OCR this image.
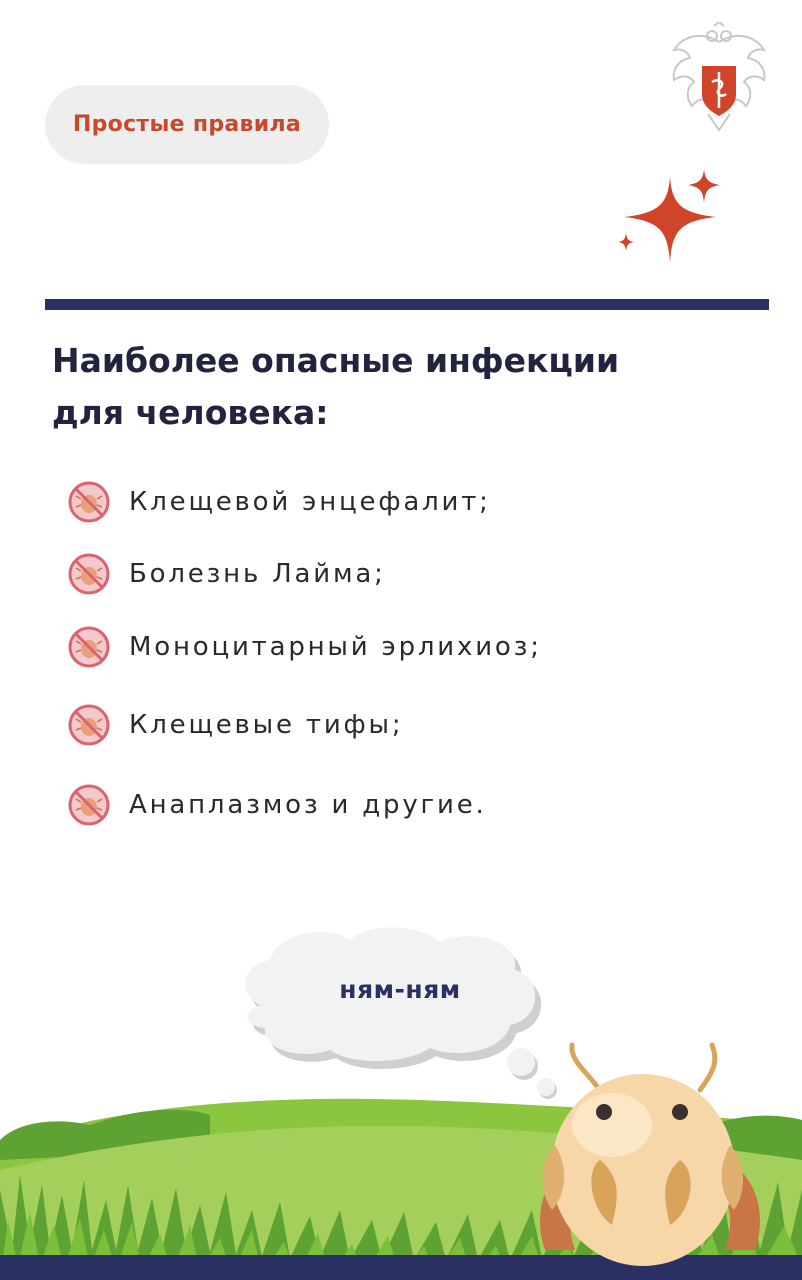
Простые правила
Наиболее опасные инфекции
для человека:
Клещевой энцефалит;
Болезнь Лайма;
Моноцитарный эрлихиоз;
Клещевые тифы;
Анаплазмоз и другие.
ням-ням
